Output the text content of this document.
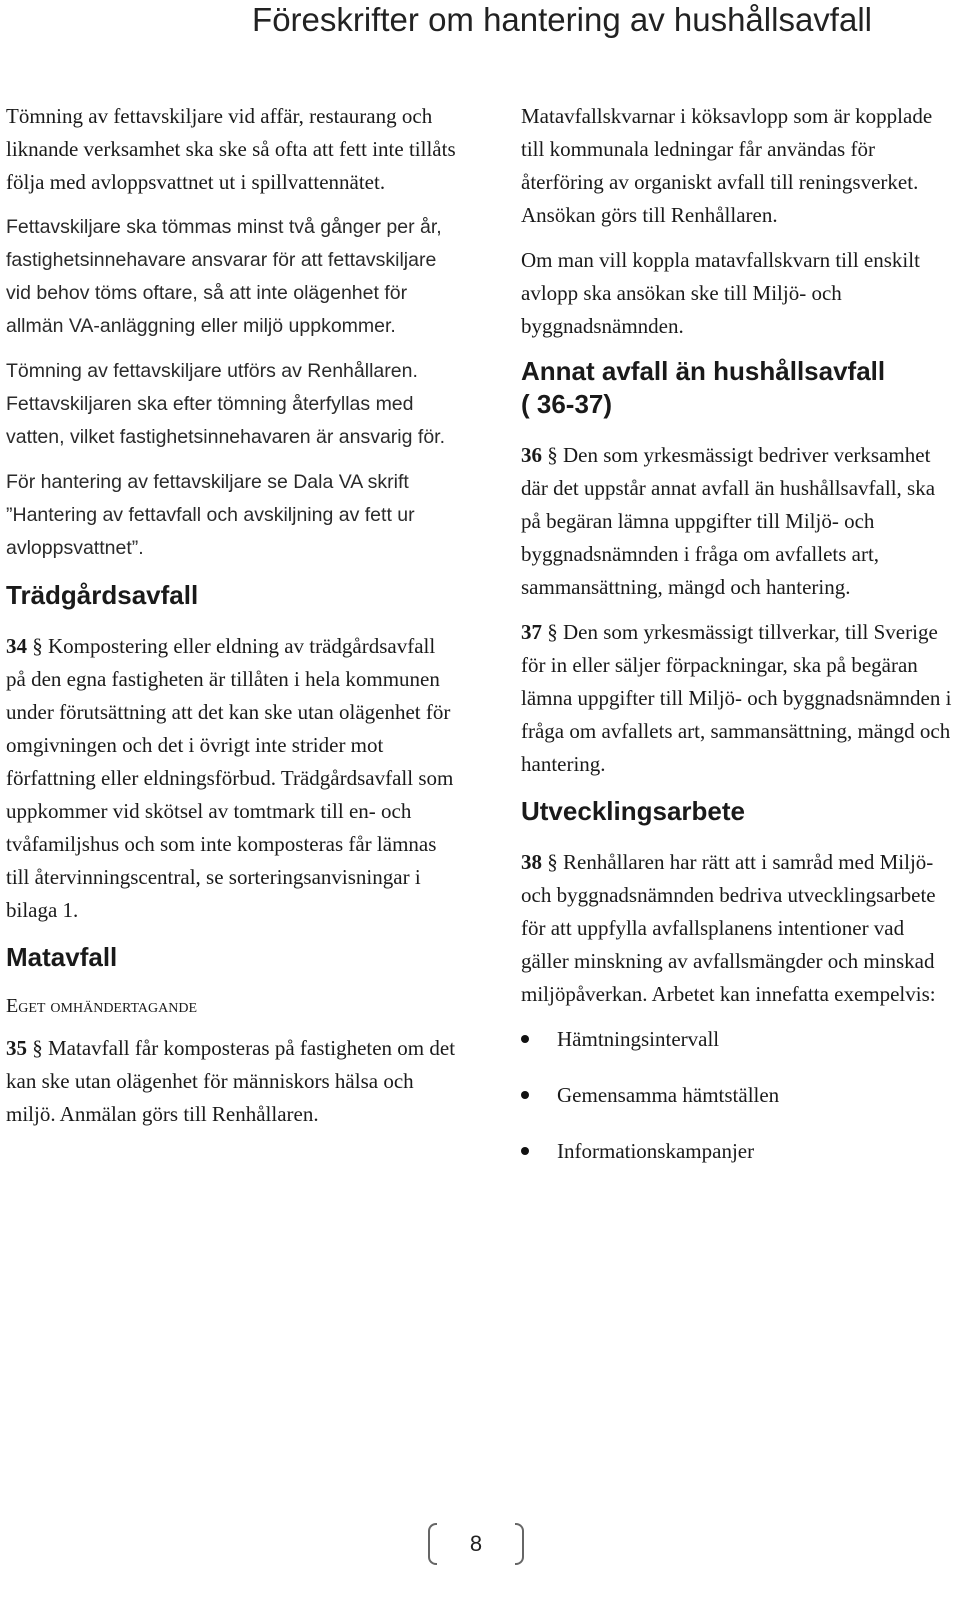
Föreskrifter om hantering av hushållsavfall

Tömning av fettavskiljare vid affär, restaurang och liknande verksamhet ska ske så ofta att fett inte tillåts följa med avloppsvattnet ut i spillvattennätet.

Fettavskiljare ska tömmas minst två gånger per år, fastighetsinnehavare ansvarar för att fettavskiljare vid behov töms oftare, så att inte olägenhet för allmän VA-anläggning eller miljö uppkommer.

Tömning av fettavskiljare utförs av Renhållaren. Fettavskiljaren ska efter tömning återfyllas med vatten, vilket fastighetsinnehavaren är ansvarig för.

För hantering av fettavskiljare se Dala VA skrift ”Hantering av fettavfall och avskiljning av fett ur avloppsvattnet”.

Trädgårdsavfall

34 § Kompostering eller eldning av trädgårdsavfall på den egna fastigheten är tillåten i hela kommunen under förutsättning att det kan ske utan olägenhet för omgivningen och det i övrigt inte strider mot författning eller eldningsförbud. Trädgårdsavfall som uppkommer vid skötsel av tomtmark till en- och tvåfamiljshus och som inte komposteras får lämnas till återvinningscentral, se sorteringsanvisningar i bilaga 1.

Matavfall

Eget omhändertagande

35 § Matavfall får komposteras på fastigheten om det kan ske utan olägenhet för människors hälsa och miljö. Anmälan görs till Renhållaren.

Matavfallskvarnar i köksavlopp som är kopplade till kommunala ledningar får användas för återföring av organiskt avfall till reningsverket. Ansökan görs till Renhållaren.

Om man vill koppla matavfallskvarn till enskilt avlopp ska ansökan ske till Miljö- och byggnadsnämnden.

Annat avfall än hushållsavfall
( 36-37)

36 § Den som yrkesmässigt bedriver verksamhet där det uppstår annat avfall än hushållsavfall, ska på begäran lämna uppgifter till Miljö- och byggnadsnämnden i fråga om avfallets art, sammansättning, mängd och hantering.

37 § Den som yrkesmässigt tillverkar, till Sverige för in eller säljer förpackningar, ska på begäran lämna uppgifter till Miljö- och byggnadsnämnden i fråga om avfallets art, sammansättning, mängd och hantering.

Utvecklingsarbete

38 § Renhållaren har rätt att i samråd med Miljö- och byggnadsnämnden bedriva utvecklingsarbete för att uppfylla avfallsplanens intentioner vad gäller minskning av avfallsmängder och minskad miljöpåverkan. Arbetet kan innefatta exempelvis:

Hämtningsintervall
Gemensamma hämtställen
Informationskampanjer
8
